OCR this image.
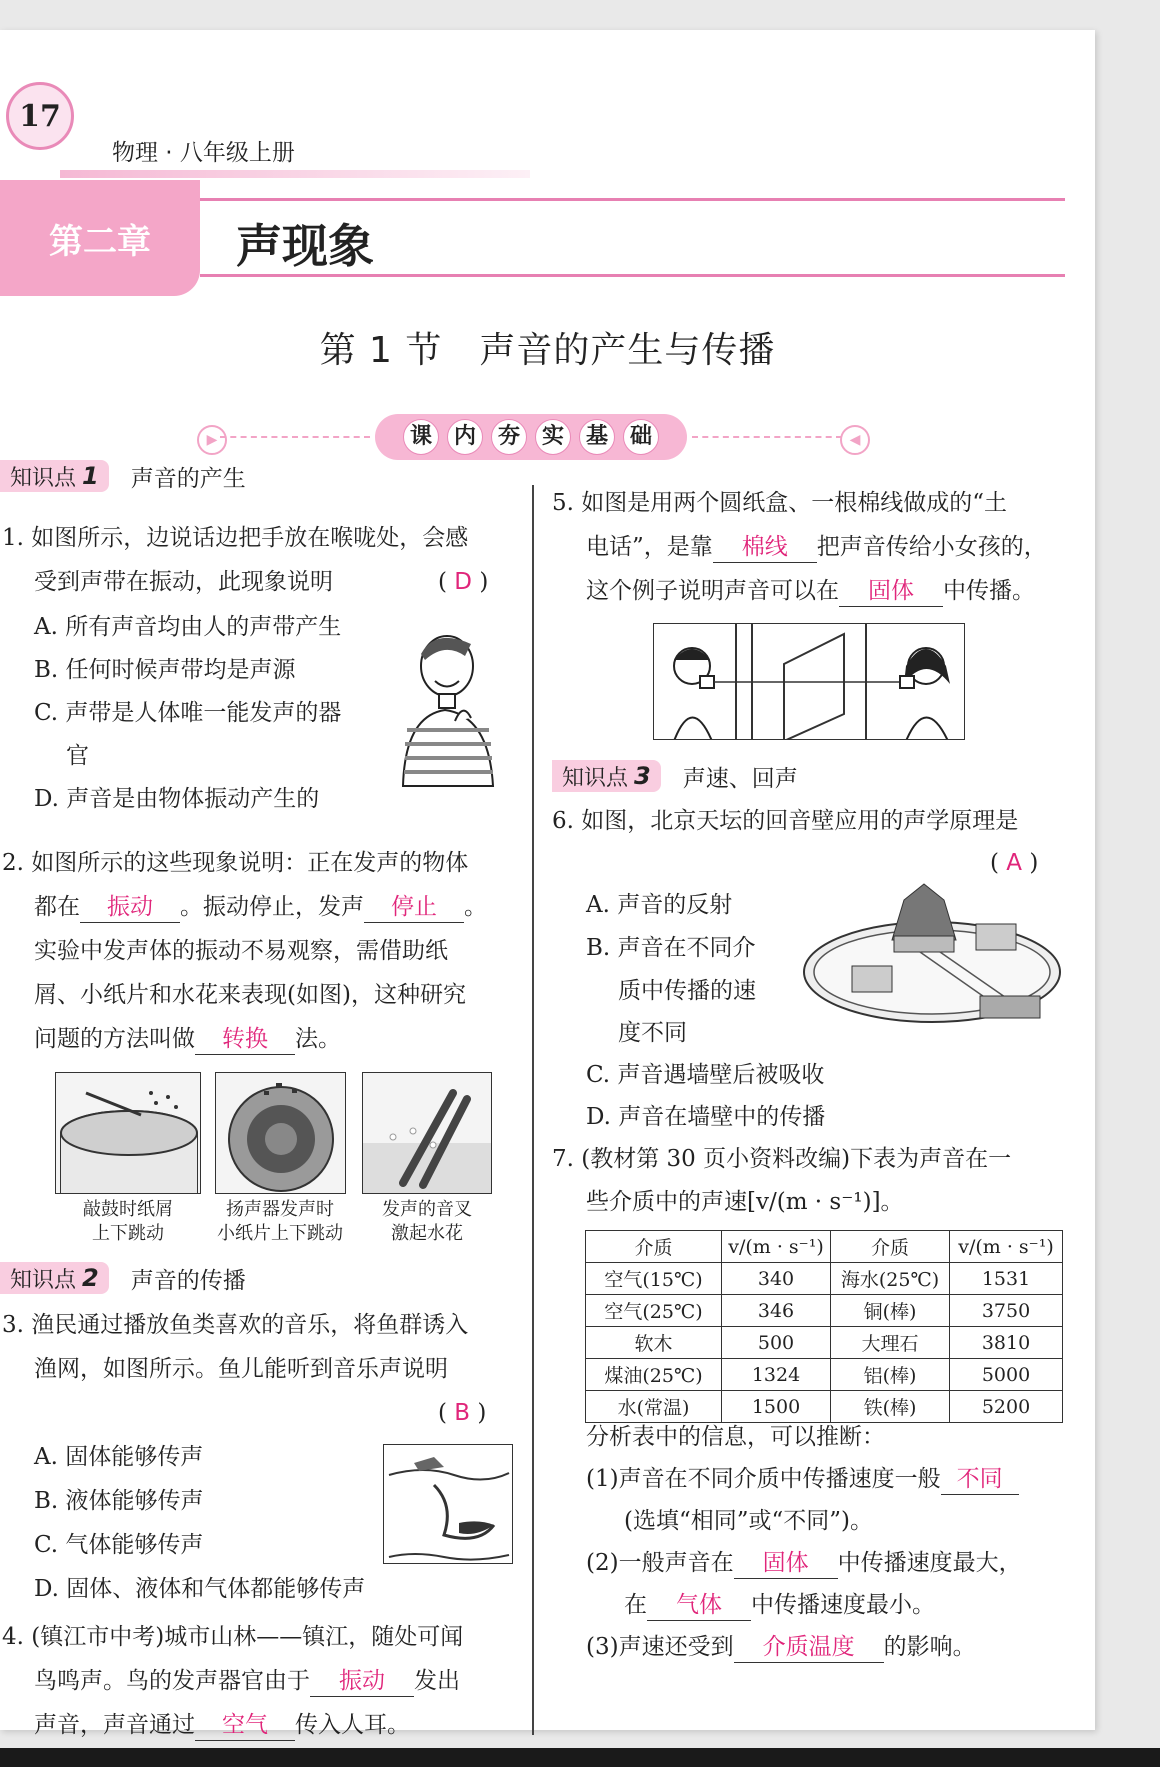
17
物理 · 八年级上册
第二章	声现象
第 1 节　声音的产生与传播
▶	◀
课 内 夯 实 基 础
知识点 1 声音的产生
1. 如图所示，边说话边把手放在喉咙处，会感
受到声带在振动，此现象说明	( D )
A. 所有声音均由人的声带产生
B. 任何时候声带均是声源
C. 声带是人体唯一能发声的器
官
D. 声音是由物体振动产生的
2. 如图所示的这些现象说明：正在发声的物体
都在 振动 。振动停止，发声 停止 。
实验中发声体的振动不易观察，需借助纸
屑、小纸片和水花来表现(如图)，这种研究
问题的方法叫做 转换 法。
敲鼓时纸屑
上下跳动
扬声器发声时
小纸片上下跳动
发声的音叉
激起水花
知识点 2 声音的传播
3. 渔民通过播放鱼类喜欢的音乐，将鱼群诱入
渔网，如图所示。鱼儿能听到音乐声说明
( B )
A. 固体能够传声
B. 液体能够传声
C. 气体能够传声
D. 固体、液体和气体都能够传声
4. (镇江市中考)城市山林——镇江，随处可闻
鸟鸣声。鸟的发声器官由于 振动 发出
声音，声音通过 空气 传入人耳。
5. 如图是用两个圆纸盒、一根棉线做成的“土
电话”，是靠 棉线 把声音传给小女孩的，
这个例子说明声音可以在 固体 中传播。
知识点 3 声速、回声
6. 如图，北京天坛的回音壁应用的声学原理是
( A )
A. 声音的反射
B. 声音在不同介
质中传播的速
度不同
C. 声音遇墙壁后被吸收
D. 声音在墙壁中的传播
7. (教材第 30 页小资料改编)下表为声音在一
些介质中的声速[v/(m · s⁻¹)]。
介质	v/(m · s⁻¹)	介质	v/(m · s⁻¹)
空气(15℃)	340	海水(25℃)	1531
空气(25℃)	346	铜(棒)	3750
软木	500	大理石	3810
煤油(25℃)	1324	铝(棒)	5000
水(常温)	1500	铁(棒)	5200
分析表中的信息，可以推断：
(1)声音在不同介质中传播速度一般 不同
(选填“相同”或“不同”)。
(2)一般声音在 固体 中传播速度最大，
在 气体 中传播速度最小。
(3)声速还受到 介质温度 的影响。
